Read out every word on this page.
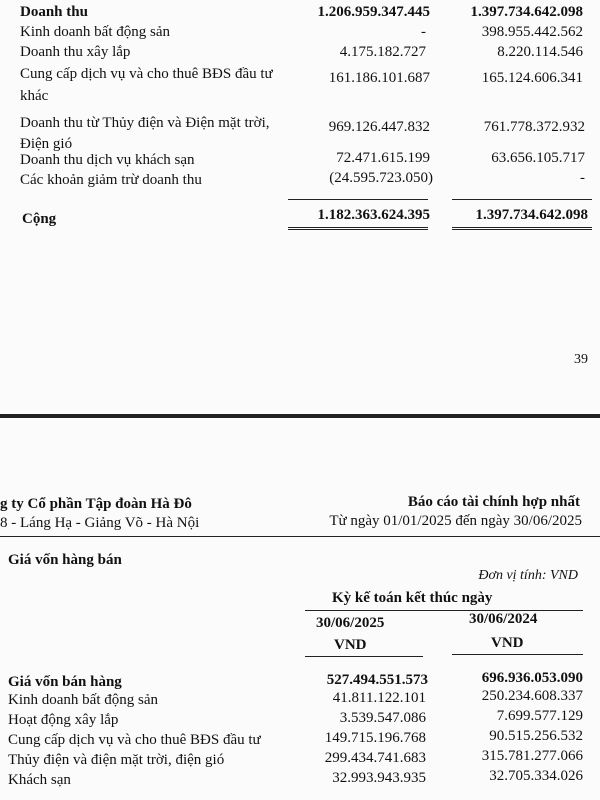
Doanh thu	1.206.959.347.445	1.397.734.642.098
Kinh doanh bất động sản	-	398.955.442.562
Doanh thu xây lắp	4.175.182.727	8.220.114.546
Cung cấp dịch vụ và cho thuê BĐS đầu tư	161.186.101.687	165.124.606.341
khác
Doanh thu từ Thủy điện và Điện mặt trời,	969.126.447.832	761.778.372.932
Điện gió
Doanh thu dịch vụ khách sạn	72.471.615.199	63.656.105.717
Các khoản giảm trừ doanh thu	(24.595.723.050)	-
Cộng	1.182.363.624.395	1.397.734.642.098
39
g ty Cổ phần Tập đoàn Hà Đô	Báo cáo tài chính hợp nhất
8 - Láng Hạ - Giảng Võ - Hà Nội	Từ ngày 01/01/2025 đến ngày 30/06/2025
Giá vốn hàng bán
Đơn vị tính: VND
Kỳ kế toán kết thúc ngày
30/06/2025	30/06/2024
VND	VND
Giá vốn bán hàng	527.494.551.573	696.936.053.090
Kinh doanh bất động sản	41.811.122.101	250.234.608.337
Hoạt động xây lắp	3.539.547.086	7.699.577.129
Cung cấp dịch vụ và cho thuê BĐS đầu tư	149.715.196.768	90.515.256.532
Thủy điện và điện mặt trời, điện gió	299.434.741.683	315.781.277.066
Khách sạn	32.993.943.935	32.705.334.026
